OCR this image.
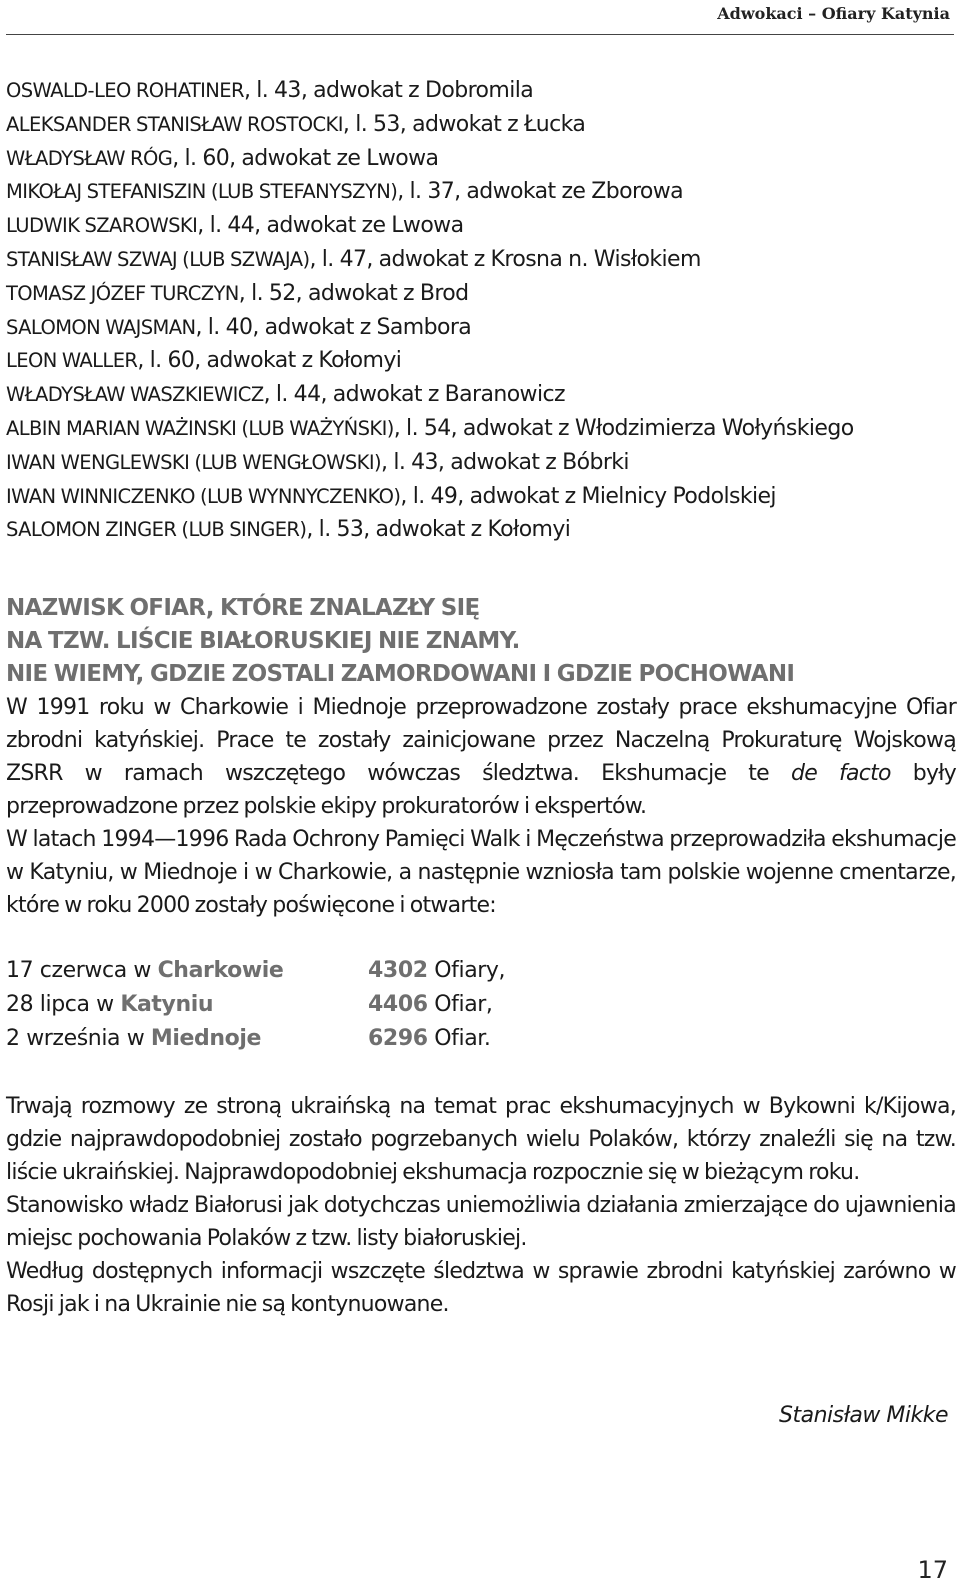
Adwokaci – Ofiary Katynia
OSWALD-LEO ROHATINER, l. 43, adwokat z Dobromila
ALEKSANDER STANISŁAW ROSTOCKI, l. 53, adwokat z Łucka
WŁADYSŁAW RÓG, l. 60, adwokat ze Lwowa
MIKOŁAJ STEFANISZIN (LUB STEFANYSZYN), l. 37, adwokat ze Zborowa
LUDWIK SZAROWSKI, l. 44, adwokat ze Lwowa
STANISŁAW SZWAJ (LUB SZWAJA), l. 47, adwokat z Krosna n. Wisłokiem
TOMASZ JÓZEF TURCZYN, l. 52, adwokat z Brod
SALOMON WAJSMAN, l. 40, adwokat z Sambora
LEON WALLER, l. 60, adwokat z Kołomyi
WŁADYSŁAW WASZKIEWICZ, l. 44, adwokat z Baranowicz
ALBIN MARIAN WAŻINSKI (LUB WAŻYŃSKI), l. 54, adwokat z Włodzimierza Wołyńskiego
IWAN WENGLEWSKI (LUB WENGŁOWSKI), l. 43, adwokat z Bóbrki
IWAN WINNICZENKO (LUB WYNNYCZENKO), l. 49, adwokat z Mielnicy Podolskiej
SALOMON ZINGER (LUB SINGER), l. 53, adwokat z Kołomyi
NAZWISK OFIAR, KTÓRE ZNALAZŁY SIĘ
NA TZW. LIŚCIE BIAŁORUSKIEJ NIE ZNAMY.
NIE WIEMY, GDZIE ZOSTALI ZAMORDOWANI I GDZIE POCHOWANI

W 1991 roku w Charkowie i Miednoje przeprowadzone zostały prace ekshumacyjne Ofiar zbrodni katyńskiej. Prace te zostały zainicjowane przez Naczelną Prokuraturę Wojskową ZSRR w ramach wszczętego wówczas śledztwa. Ekshumacje te de facto były przeprowadzone przez polskie ekipy prokuratorów i ekspertów.

W latach 1994—1996 Rada Ochrony Pamięci Walk i Męczeństwa przeprowadziła ekshumacje w Katyniu, w Miednoje i w Charkowie, a następnie wzniosła tam polskie wojenne cmentarze, które w roku 2000 zostały poświęcone i otwarte:

17 czerwca w Charkowie	4302 Ofiary,
28 lipca w Katyniu	4406 Ofiar,
2 września w Miednoje	6296 Ofiar.

Trwają rozmowy ze stroną ukraińską na temat prac ekshumacyjnych w Bykowni k/Kijowa, gdzie najprawdopodobniej zostało pogrzebanych wielu Polaków, którzy znaleźli się na tzw. liście ukraińskiej. Najprawdopodobniej ekshumacja rozpocznie się w bieżącym roku.

Stanowisko władz Białorusi jak dotychczas uniemożliwia działania zmierzające do ujawnienia miejsc pochowania Polaków z tzw. listy białoruskiej.

Według dostępnych informacji wszczęte śledztwa w sprawie zbrodni katyńskiej zarówno w Rosji jak i na Ukrainie nie są kontynuowane.

Stanisław Mikke
17
